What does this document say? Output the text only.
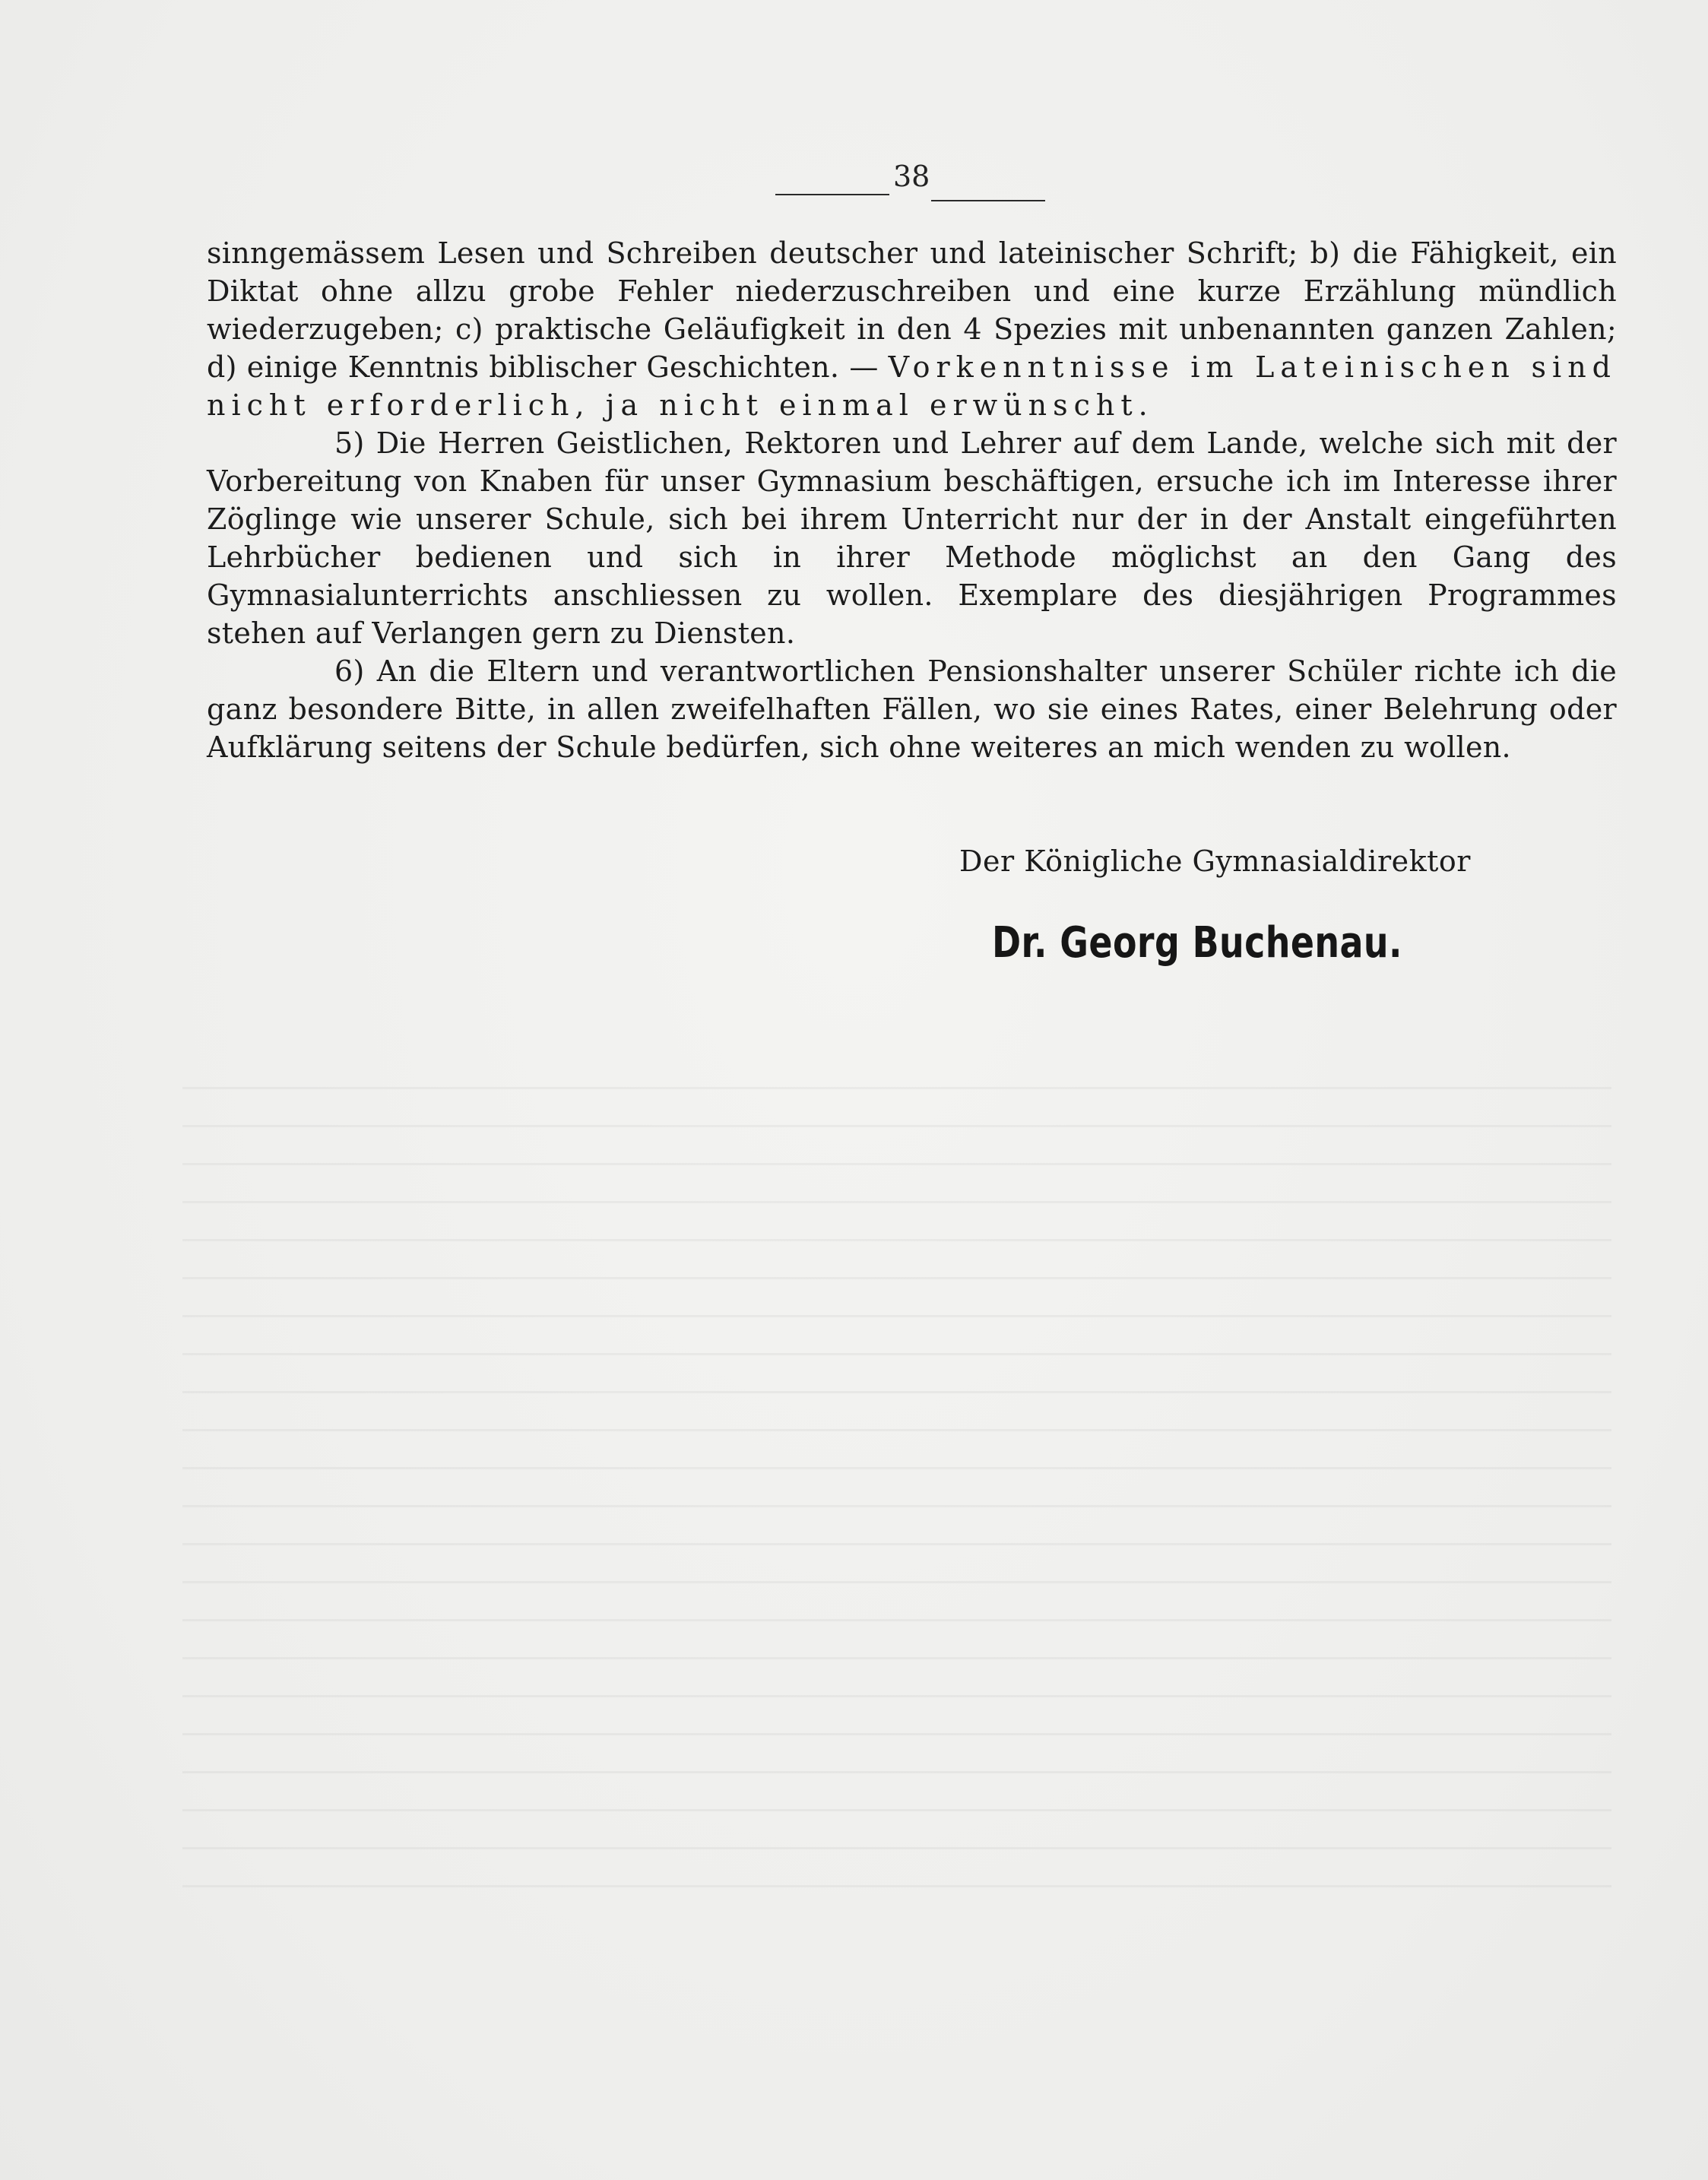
38

sinngemässem Lesen und Schreiben deutscher und lateinischer Schrift; b) die Fähigkeit, ein Diktat ohne allzu grobe Fehler niederzuschreiben und eine kurze Erzählung mündlich wiederzugeben; c) praktische Geläufigkeit in den 4 Spezies mit unbenannten ganzen Zahlen; d) einige Kenntnis biblischer Geschichten. — Vorkenntnisse im Lateinischen sind nicht erforderlich, ja nicht einmal erwünscht.

5) Die Herren Geistlichen, Rektoren und Lehrer auf dem Lande, welche sich mit der Vorbereitung von Knaben für unser Gymnasium beschäftigen, ersuche ich im Interesse ihrer Zöglinge wie unserer Schule, sich bei ihrem Unterricht nur der in der Anstalt eingeführten Lehrbücher bedienen und sich in ihrer Methode möglichst an den Gang des Gymnasialunterrichts anschliessen zu wollen. Exemplare des diesjährigen Programmes stehen auf Verlangen gern zu Diensten.

6) An die Eltern und verantwortlichen Pensionshalter unserer Schüler richte ich die ganz besondere Bitte, in allen zweifelhaften Fällen, wo sie eines Rates, einer Belehrung oder Aufklärung seitens der Schule bedürfen, sich ohne weiteres an mich wenden zu wollen.

Der Königliche Gymnasialdirektor
Dr. Georg Buchenau.
